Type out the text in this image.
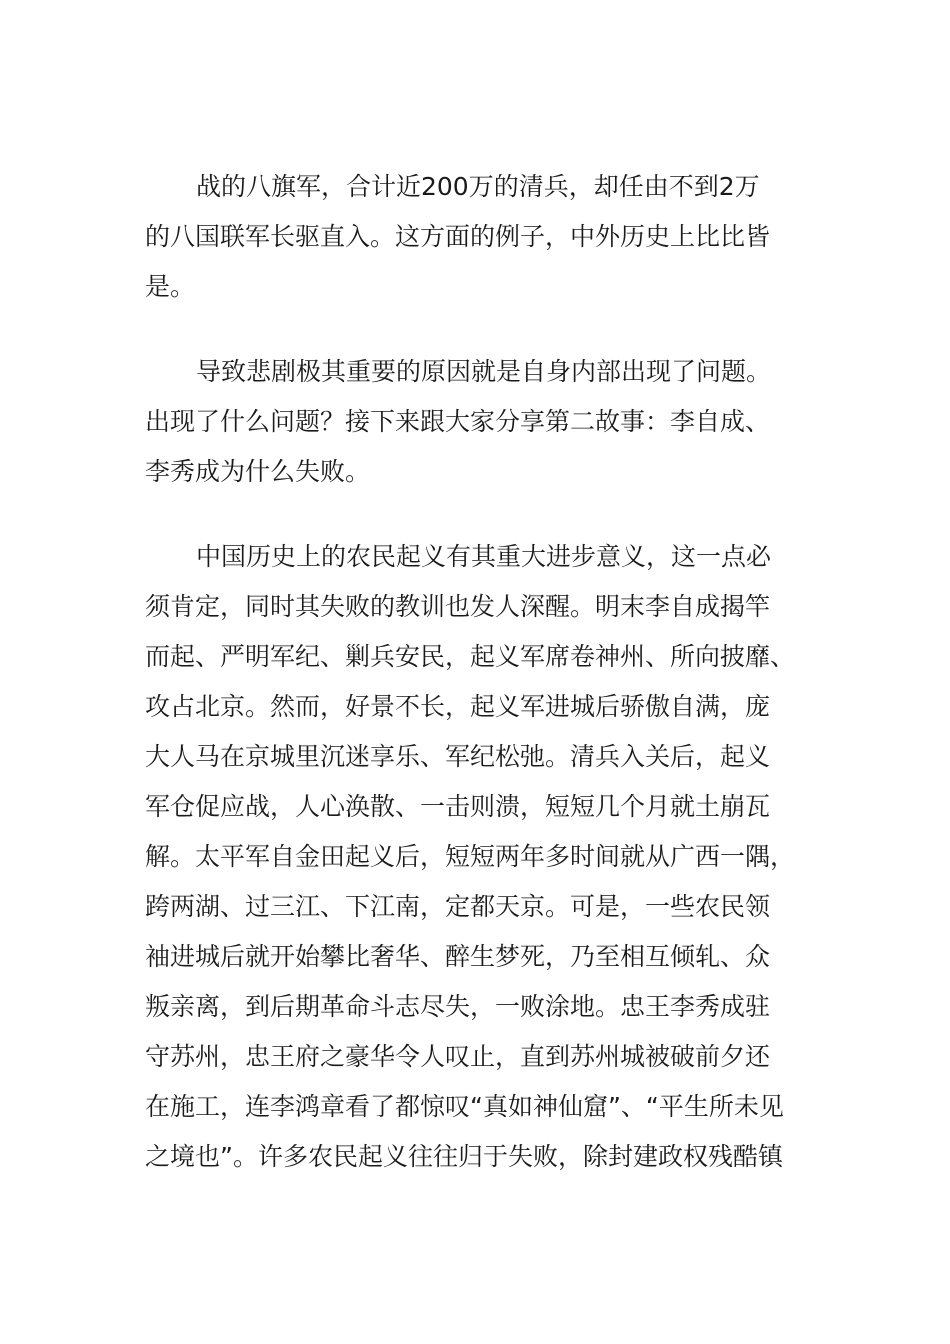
战的八旗军，合计近200万的清兵，却任由不到2万

的八国联军长驱直入。这方面的例子，中外历史上比比皆

是。

导致悲剧极其重要的原因就是自身内部出现了问题。

出现了什么问题？接下来跟大家分享第二故事：李自成、

李秀成为什么失败。

中国历史上的农民起义有其重大进步意义，这一点必

须肯定，同时其失败的教训也发人深醒。明末李自成揭竿

而起、严明军纪、剿兵安民，起义军席卷神州、所向披靡、

攻占北京。然而，好景不长，起义军进城后骄傲自满，庞

大人马在京城里沉迷享乐、军纪松弛。清兵入关后，起义

军仓促应战，人心涣散、一击则溃，短短几个月就土崩瓦

解。太平军自金田起义后，短短两年多时间就从广西一隅，

跨两湖、过三江、下江南，定都天京。可是，一些农民领

袖进城后就开始攀比奢华、醉生梦死，乃至相互倾轧、众

叛亲离，到后期革命斗志尽失，一败涂地。忠王李秀成驻

守苏州，忠王府之豪华令人叹止，直到苏州城被破前夕还

在施工，连李鸿章看了都惊叹“真如神仙窟”、“平生所未见

之境也”。许多农民起义往往归于失败，除封建政权残酷镇
